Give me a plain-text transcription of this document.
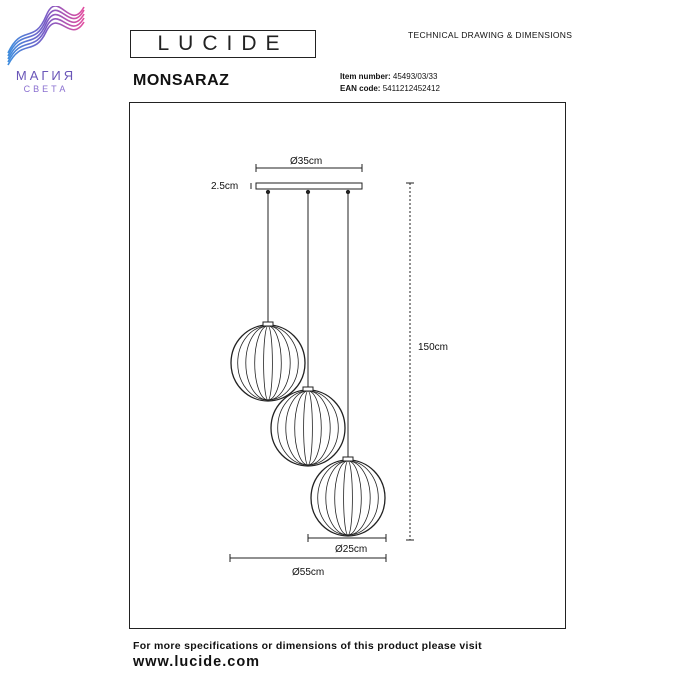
МАГИЯ
СВЕТА
LUCIDE	TECHNICAL DRAWING & DIMENSIONS
MONSARAZ	Item number: 45493/03/33
EAN code: 5411212452412
Ø35cm
2.5cm
150cm
Ø25cm
Ø55cm
For more specifications or dimensions of this product please visit
www.lucide.com
